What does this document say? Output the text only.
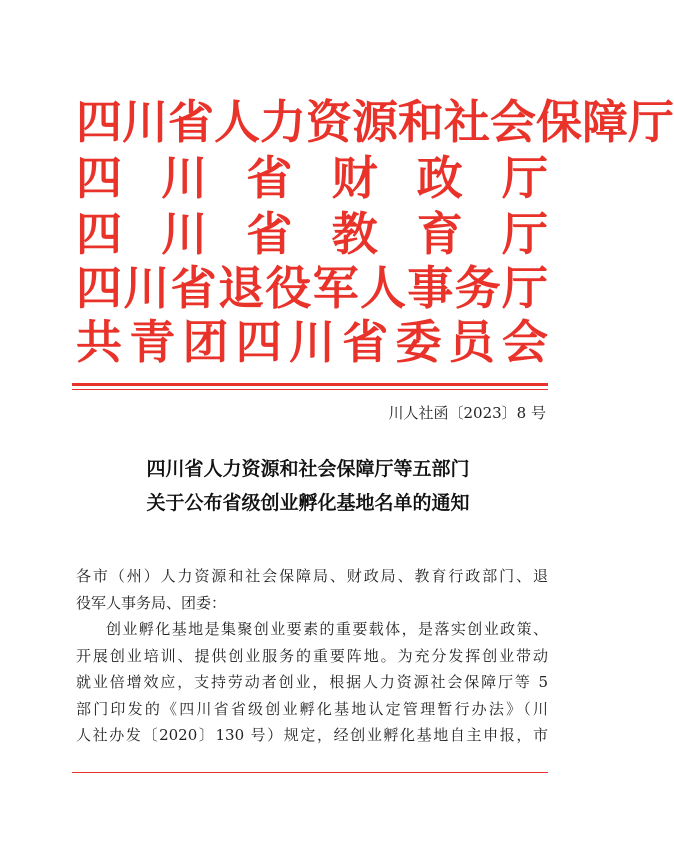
四 川 省 人 力 资 源 和 社 会 保 障 厅
四 川 省 财 政 厅
四 川 省 教 育 厅
四 川 省 退 役 军 人 事 务 厅
共 青 团 四 川 省 委 员 会
川人社函〔2023〕8 号
四川省人力资源和社会保障厅等五部门
关于公布省级创业孵化基地名单的通知

各市（州）人力资源和社会保障局、财政局、教育行政部门、退
役军人事务局、团委：

创业孵化基地是集聚创业要素的重要载体，是落实创业政策、
开展创业培训、提供创业服务的重要阵地。为充分发挥创业带动
就业倍增效应，支持劳动者创业，根据人力资源社会保障厅等 5
部门印发的《四川省省级创业孵化基地认定管理暂行办法》（川
人社办发〔2020〕130 号）规定，经创业孵化基地自主申报，市
